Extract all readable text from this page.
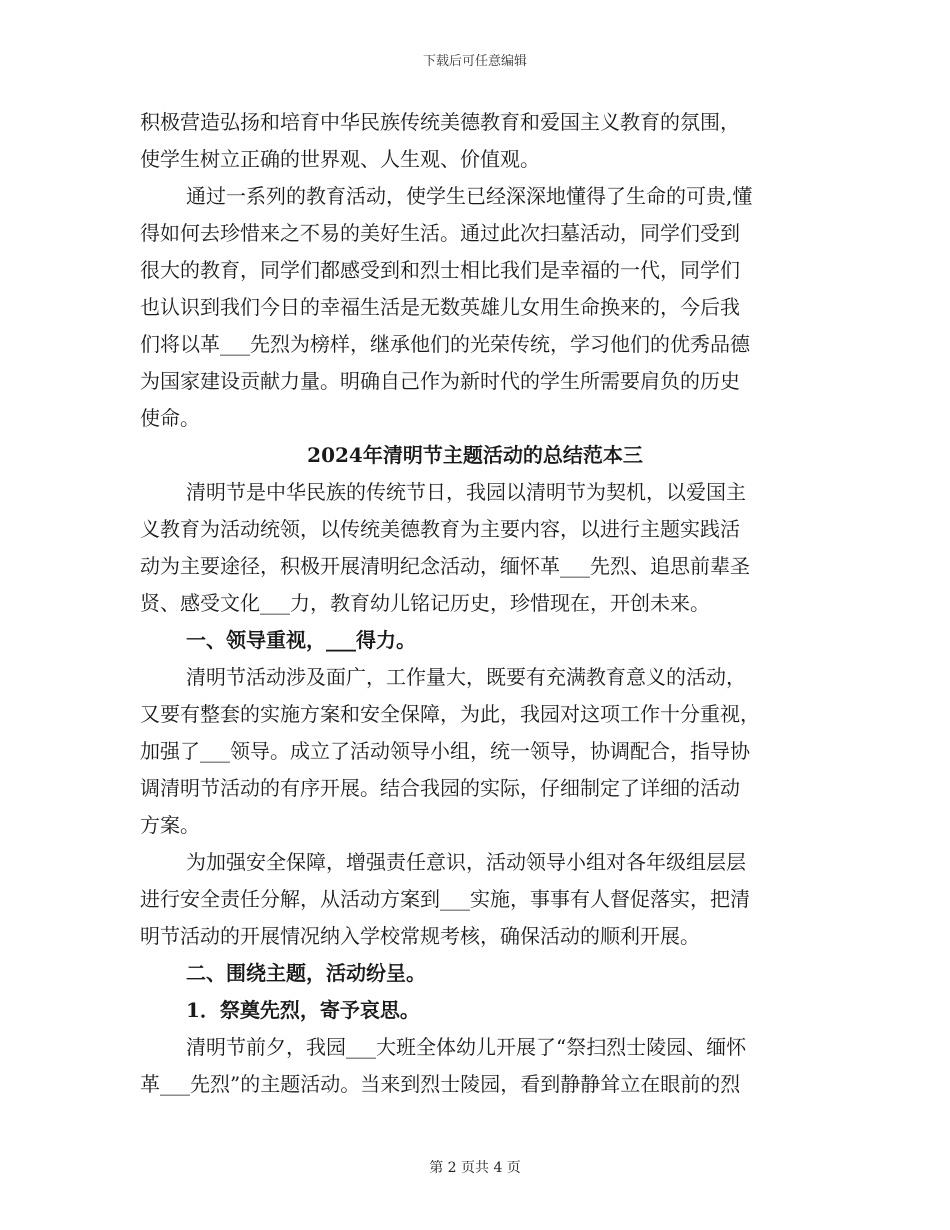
下载后可任意编辑
积极营造弘扬和培育中华民族传统美德教育和爱国主义教育的氛围，
使学生树立正确的世界观、人生观、价值观。
通过一系列的教育活动，使学生已经深深地懂得了生命的可贵,懂
得如何去珍惜来之不易的美好生活。通过此次扫墓活动，同学们受到
很大的教育，同学们都感受到和烈士相比我们是幸福的一代，同学们
也认识到我们今日的幸福生活是无数英雄儿女用生命换来的，今后我
们将以革___先烈为榜样，继承他们的光荣传统，学习他们的优秀品德
为国家建设贡献力量。明确自己作为新时代的学生所需要肩负的历史
使命。
2024年清明节主题活动的总结范本三
清明节是中华民族的传统节日，我园以清明节为契机，以爱国主
义教育为活动统领，以传统美德教育为主要内容，以进行主题实践活
动为主要途径，积极开展清明纪念活动，缅怀革___先烈、追思前辈圣
贤、感受文化___力，教育幼儿铭记历史，珍惜现在，开创未来。
一、领导重视，___得力。
清明节活动涉及面广，工作量大，既要有充满教育意义的活动，
又要有整套的实施方案和安全保障，为此，我园对这项工作十分重视，
加强了___领导。成立了活动领导小组，统一领导，协调配合，指导协
调清明节活动的有序开展。结合我园的实际，仔细制定了详细的活动
方案。
为加强安全保障，增强责任意识，活动领导小组对各年级组层层
进行安全责任分解，从活动方案到___实施，事事有人督促落实，把清
明节活动的开展情况纳入学校常规考核，确保活动的顺利开展。
二、围绕主题，活动纷呈。
1．祭奠先烈，寄予哀思。
清明节前夕，我园___大班全体幼儿开展了“祭扫烈士陵园、缅怀
革___先烈”的主题活动。当来到烈士陵园，看到静静耸立在眼前的烈
第 2 页共 4 页
